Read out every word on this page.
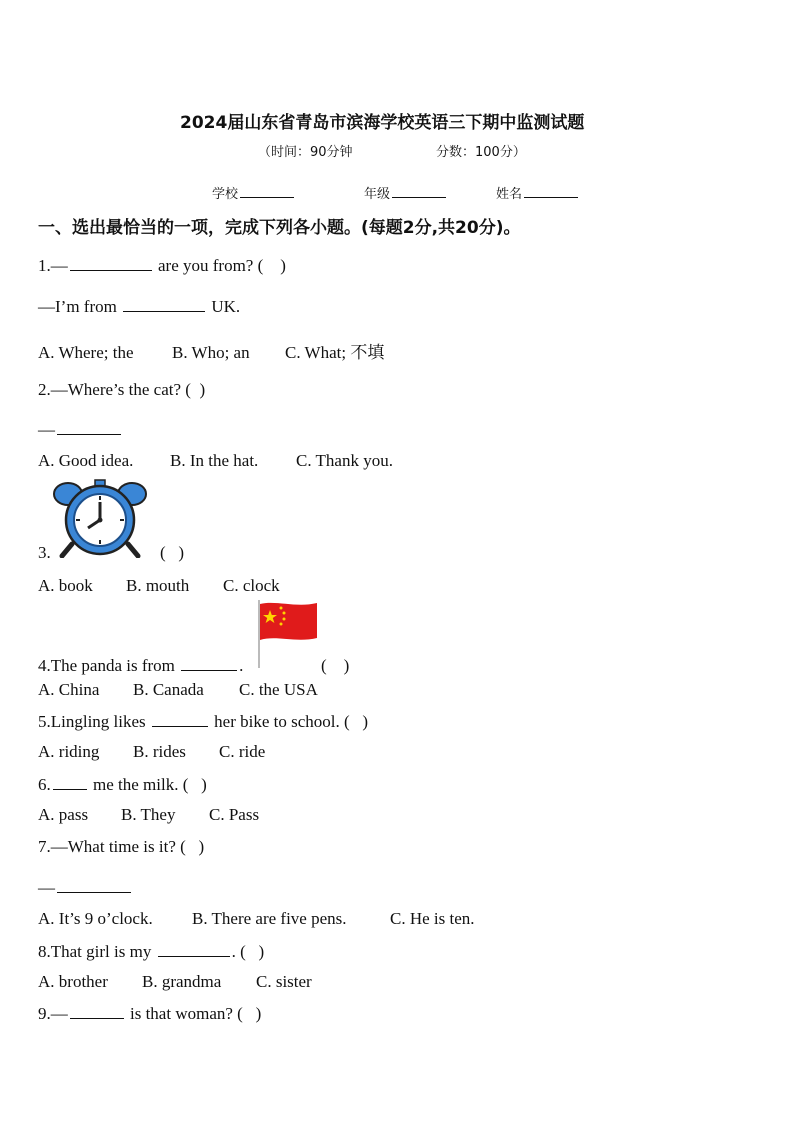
2024届山东省青岛市滨海学校英语三下期中监测试题
（时间：90分钟	分数：100分）
学校	年级	姓名
一、选出最恰当的一项，完成下列各小题。(每题2分,共20分)。
1.—	are you from? ( )
—I’m from	UK.
A. Where; the B. Who; an C. What; 不填
2.—Where’s the cat? ( )
—
A. Good idea. B. In the hat. C. Thank you.
3.	( )
A. book B. mouth C. clock
4.The panda is from	.	( )
A. China B. Canada C. the USA
5.Lingling likes	her bike to school. ( )
A. riding B. rides C. ride
6. me the milk. ( )
A. pass B. They C. Pass
7.—What time is it? ( )
—
A. It’s 9 o’clock. B. There are five pens.	C. He is ten.
8.That girl is my	. ( )
A. brother B. grandma C. sister
9.—	is that woman? ( )
